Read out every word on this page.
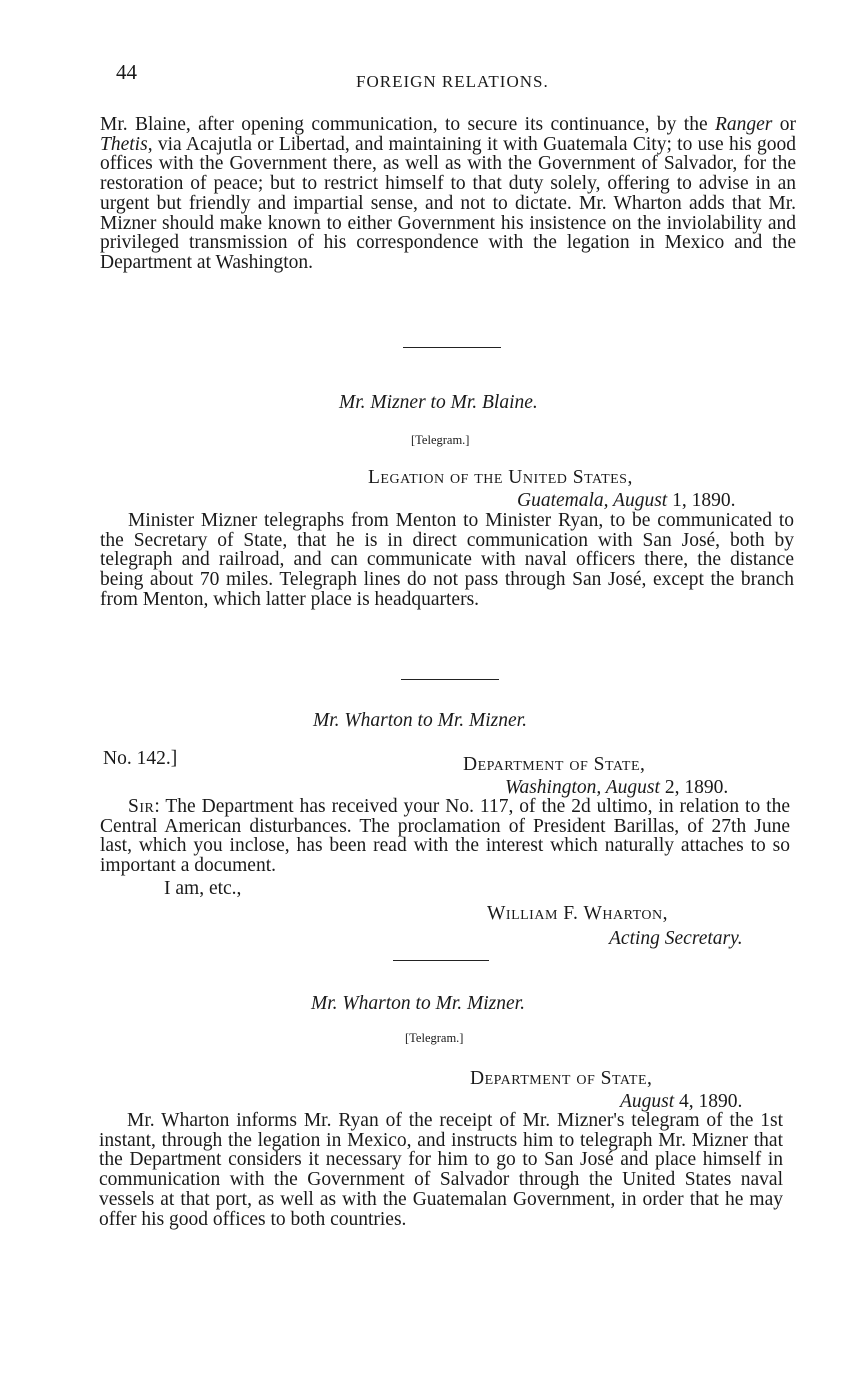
44	FOREIGN RELATIONS.

Mr. Blaine, after opening communication, to secure its continuance, by the Ranger or Thetis, via Acajutla or Libertad, and maintaining it with Guatemala City; to use his good offices with the Government there, as well as with the Government of Salvador, for the restoration of peace; but to restrict himself to that duty solely, offering to advise in an urgent but friendly and impartial sense, and not to dictate. Mr. Wharton adds that Mr. Mizner should make known to either Government his insistence on the inviolability and privileged transmission of his correspondence with the legation in Mexico and the Department at Washington.

Mr. Mizner to Mr. Blaine.
[Telegram.]
Legation of the United States,
Guatemala, August 1, 1890.

Minister Mizner telegraphs from Menton to Minister Ryan, to be communicated to the Secretary of State, that he is in direct communication with San José, both by telegraph and railroad, and can communicate with naval officers there, the distance being about 70 miles. Telegraph lines do not pass through San José, except the branch from Menton, which latter place is headquarters.

Mr. Wharton to Mr. Mizner.
No. 142.]	Department of State,
Washington, August 2, 1890.

Sir: The Department has received your No. 117, of the 2d ultimo, in relation to the Central American disturbances. The proclamation of President Barillas, of 27th June last, which you inclose, has been read with the interest which naturally attaches to so important a document.

I am, etc.,
William F. Wharton,
Acting Secretary.
Mr. Wharton to Mr. Mizner.
[Telegram.]
Department of State,
August 4, 1890.

Mr. Wharton informs Mr. Ryan of the receipt of Mr. Mizner's telegram of the 1st instant, through the legation in Mexico, and instructs him to telegraph Mr. Mizner that the Department considers it necessary for him to go to San José and place himself in communication with the Government of Salvador through the United States naval vessels at that port, as well as with the Guatemalan Government, in order that he may offer his good offices to both countries.
